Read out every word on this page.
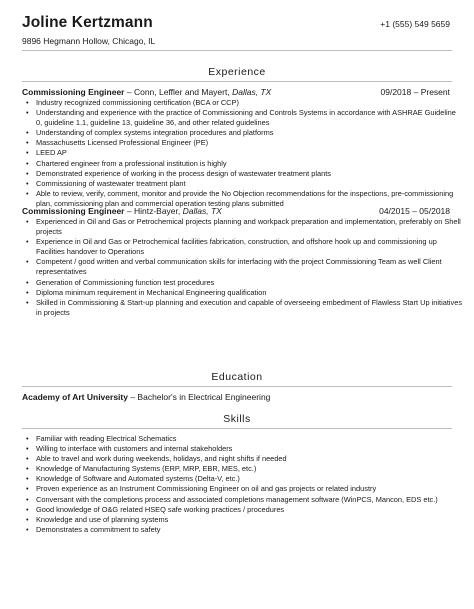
Joline Kertzmann	+1 (555) 549 5659
9896 Hegmann Hollow, Chicago, IL
Experience
Commissioning Engineer – Conn, Leffler and Mayert, Dallas, TX	09/2018 – Present
• Industry recognized commissioning certification (BCA or CCP)
• Understanding and experience with the practice of Commissioning and Controls Systems in accordance with ASHRAE Guideline 0, guideline 1.1, guideline 13, guideline 36, and other related guidelines
• Understanding of complex systems integration procedures and platforms
• Massachusetts Licensed Professional Engineer (PE)
• LEED AP
• Chartered engineer from a professional institution is highly
• Demonstrated experience of working in the process design of wastewater treatment plants
• Commissioning of wastewater treatment plant
• Able to review, verify, comment, monitor and provide the No Objection recommendations for the inspections, pre-commissioning plan, commissioning plan and commercial operation testing plans submitted
Commissioning Engineer – Hintz-Bayer, Dallas, TX	04/2015 – 05/2018
• Experienced in Oil and Gas or Petrochemical projects planning and workpack preparation and implementation, preferably on Shell projects
• Experience in Oil and Gas or Petrochemical facilities fabrication, construction, and offshore hook up and commissioning up Facilities handover to Operations
• Competent / good written and verbal communication skills for interfacing with the project Commissioning Team as well Client representatives
• Generation of Commissioning function test procedures
• Diploma minimum requirement in Mechanical Engineering qualification
• Skilled in Commissioning & Start-up planning and execution and capable of overseeing embedment of Flawless Start Up initiatives in projects
Education
Academy of Art University – Bachelor's in Electrical Engineering
Skills
• Familiar with reading Electrical Schematics
• Willing to interface with customers and internal stakeholders
• Able to travel and work during weekends, holidays, and night shifts if needed
• Knowledge of Manufacturing Systems (ERP, MRP, EBR, MES, etc.)
• Knowledge of Software and Automated systems (Delta-V, etc.)
• Proven experience as an Instrument Commissioning Engineer on oil and gas projects or related industry
• Conversant with the completions process and associated completions management software (WinPCS, Mancon, EDS etc.)
• Good knowledge of O&G related HSEQ safe working practices / procedures
• Knowledge and use of planning systems
• Demonstrates a commitment to safety
